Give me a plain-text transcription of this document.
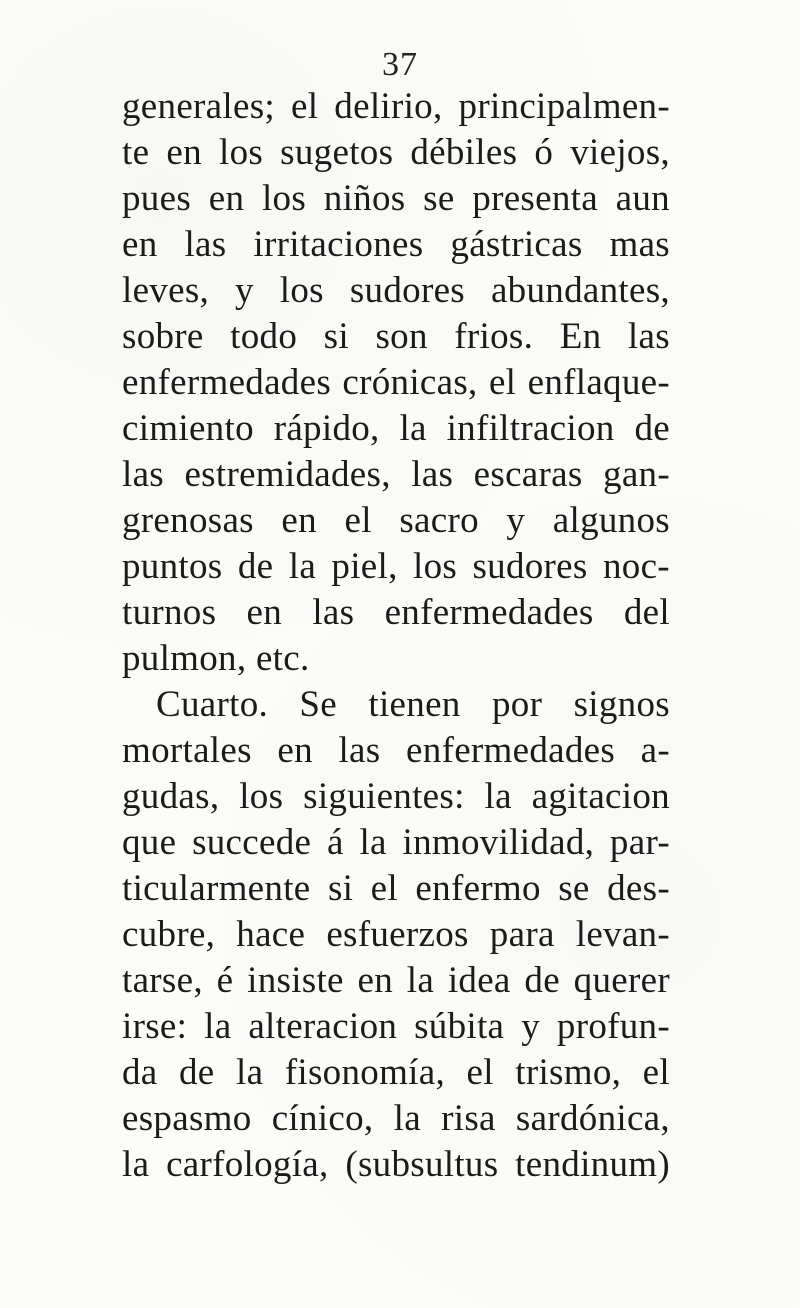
37
generales; el delirio, principalmen-
te en los sugetos débiles ó viejos,
pues en los niños se presenta aun
en las irritaciones gástricas mas
leves, y los sudores abundantes,
sobre todo si son frios. En las
enfermedades crónicas, el enflaque-
cimiento rápido, la infiltracion de
las estremidades, las escaras gan-
grenosas en el sacro y algunos
puntos de la piel, los sudores noc-
turnos en las enfermedades del
pulmon, etc.
Cuarto. Se tienen por signos
mortales en las enfermedades a-
gudas, los siguientes: la agitacion
que succede á la inmovilidad, par-
ticularmente si el enfermo se des-
cubre, hace esfuerzos para levan-
tarse, é insiste en la idea de querer
irse: la alteracion súbita y profun-
da de la fisonomía, el trismo, el
espasmo cínico, la risa sardónica,
la carfología, (subsultus tendinum)
